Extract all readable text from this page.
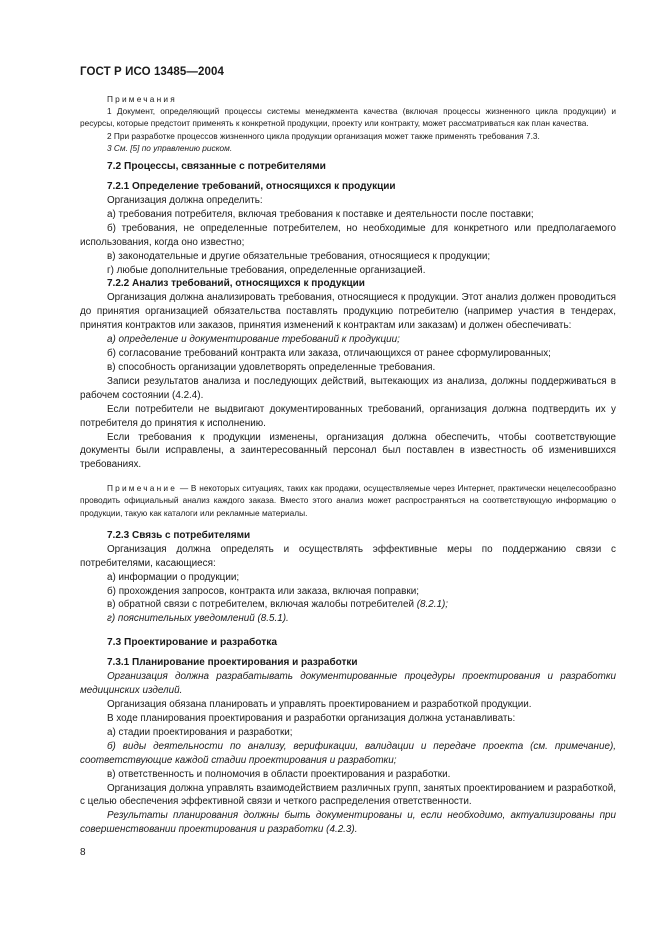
ГОСТ Р ИСО 13485—2004

Примечания

1 Документ, определяющий процессы системы менеджмента качества (включая процессы жизненного цикла продукции) и ресурсы, которые предстоит применять к конкретной продукции, проекту или контракту, может рассматриваться как план качества.

2 При разработке процессов жизненного цикла продукции организация может также применять требования 7.3.

3 См. [5] по управлению риском.

7.2 Процессы, связанные с потребителями

7.2.1 Определение требований, относящихся к продукции

Организация должна определить:

а) требования потребителя, включая требования к поставке и деятельности после поставки;

б) требования, не определенные потребителем, но необходимые для конкретного или предполагаемого использования, когда оно известно;

в) законодательные и другие обязательные требования, относящиеся к продукции;

г) любые дополнительные требования, определенные организацией.

7.2.2 Анализ требований, относящихся к продукции

Организация должна анализировать требования, относящиеся к продукции. Этот анализ должен проводиться до принятия организацией обязательства поставлять продукцию потребителю (например участия в тендерах, принятия контрактов или заказов, принятия изменений к контрактам или заказам) и должен обеспечивать:

а) определение и документирование требований к продукции;

б) согласование требований контракта или заказа, отличающихся от ранее сформулированных;

в) способность организации удовлетворять определенные требования.

Записи результатов анализа и последующих действий, вытекающих из анализа, должны поддерживаться в рабочем состоянии (4.2.4).

Если потребители не выдвигают документированных требований, организация должна подтвердить их у потребителя до принятия к исполнению.

Если требования к продукции изменены, организация должна обеспечить, чтобы соответствующие документы были исправлены, а заинтересованный персонал был поставлен в известность об изменившихся требованиях.

Примечание — В некоторых ситуациях, таких как продажи, осуществляемые через Интернет, практически нецелесообразно проводить официальный анализ каждого заказа. Вместо этого анализ может распространяться на соответствующую информацию о продукции, такую как каталоги или рекламные материалы.

7.2.3 Связь с потребителями

Организация должна определять и осуществлять эффективные меры по поддержанию связи с потребителями, касающиеся:

а) информации о продукции;

б) прохождения запросов, контракта или заказа, включая поправки;

в) обратной связи с потребителем, включая жалобы потребителей (8.2.1);

г) пояснительных уведомлений (8.5.1).

7.3 Проектирование и разработка

7.3.1 Планирование проектирования и разработки

Организация должна разрабатывать документированные процедуры проектирования и разработки медицинских изделий.

Организация обязана планировать и управлять проектированием и разработкой продукции.

В ходе планирования проектирования и разработки организация должна устанавливать:

а) стадии проектирования и разработки;

б) виды деятельности по анализу, верификации, валидации и передаче проекта (см. примечание), соответствующие каждой стадии проектирования и разработки;

в) ответственность и полномочия в области проектирования и разработки.

Организация должна управлять взаимодействием различных групп, занятых проектированием и разработкой, с целью обеспечения эффективной связи и четкого распределения ответственности.

Результаты планирования должны быть документированы и, если необходимо, актуализированы при совершенствовании проектирования и разработки (4.2.3).

8
